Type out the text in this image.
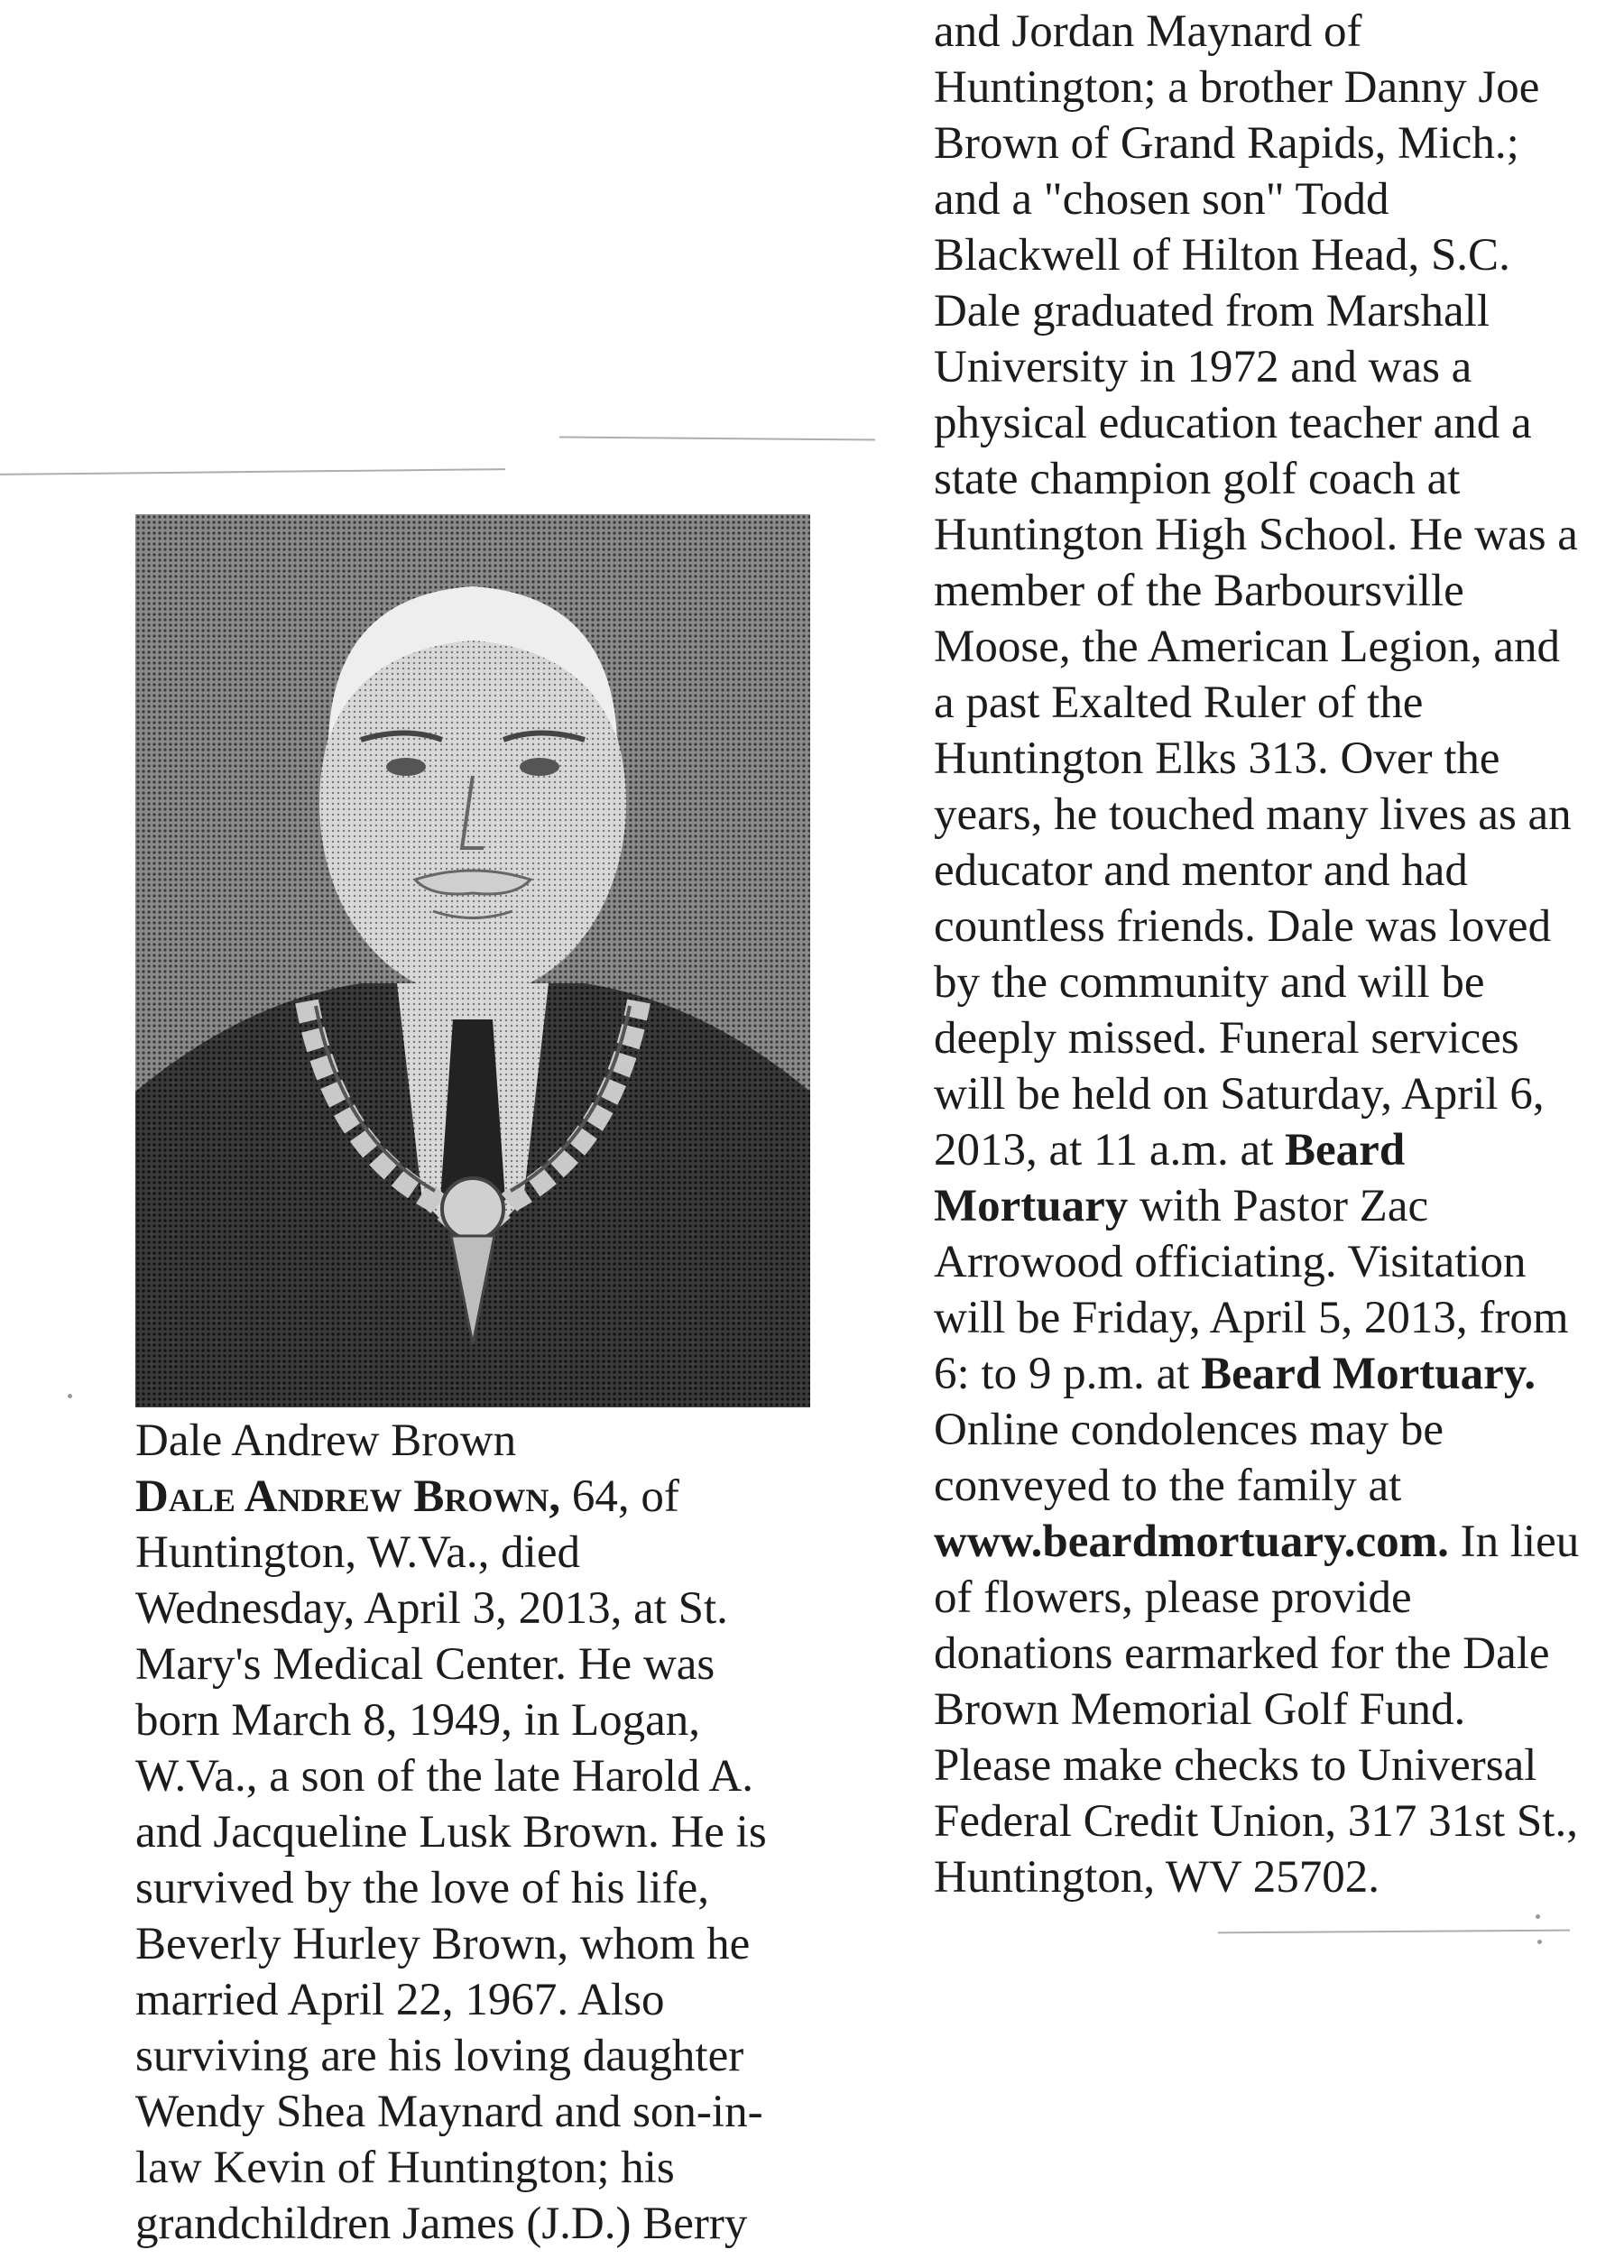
Dale Andrew Brown
Dale Andrew Brown, 64, of
Huntington, W.Va., died
Wednesday, April 3, 2013, at St.
Mary's Medical Center. He was
born March 8, 1949, in Logan,
W.Va., a son of the late Harold A.
and Jacqueline Lusk Brown. He is
survived by the love of his life,
Beverly Hurley Brown, whom he
married April 22, 1967. Also
surviving are his loving daughter
Wendy Shea Maynard and son-in-
law Kevin of Huntington; his
grandchildren James (J.D.) Berry
and Jordan Maynard of
Huntington; a brother Danny Joe
Brown of Grand Rapids, Mich.;
and a "chosen son" Todd
Blackwell of Hilton Head, S.C.
Dale graduated from Marshall
University in 1972 and was a
physical education teacher and a
state champion golf coach at
Huntington High School. He was a
member of the Barboursville
Moose, the American Legion, and
a past Exalted Ruler of the
Huntington Elks 313. Over the
years, he touched many lives as an
educator and mentor and had
countless friends. Dale was loved
by the community and will be
deeply missed. Funeral services
will be held on Saturday, April 6,
2013, at 11 a.m. at Beard
Mortuary with Pastor Zac
Arrowood officiating. Visitation
will be Friday, April 5, 2013, from
6: to 9 p.m. at Beard Mortuary.
Online condolences may be
conveyed to the family at
www.beardmortuary.com. In lieu
of flowers, please provide
donations earmarked for the Dale
Brown Memorial Golf Fund.
Please make checks to Universal
Federal Credit Union, 317 31st St.,
Huntington, WV 25702.
